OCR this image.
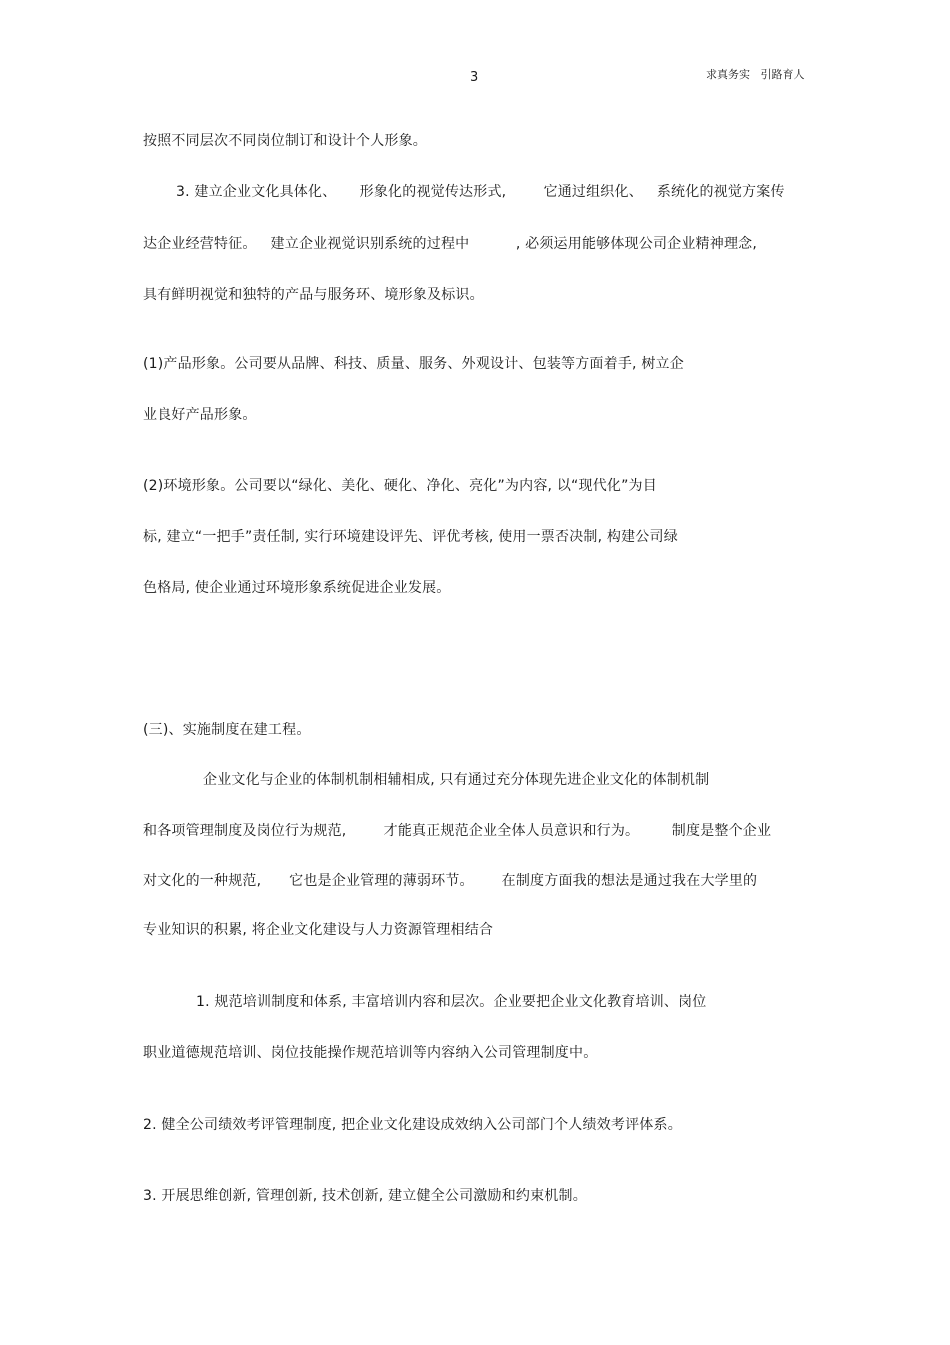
3	求真务实   引路育人
按照不同层次不同岗位制订和设计个人形象。
3. 建立企业文化具体化、     形象化的视觉传达形式,        它通过组织化、   系统化的视觉方案传
达企业经营特征。   建立企业视觉识别系统的过程中          , 必须运用能够体现公司企业精神理念,
具有鲜明视觉和独特的产品与服务环、境形象及标识。
(1)产品形象。公司要从品牌、科技、质量、服务、外观设计、包装等方面着手, 树立企
业良好产品形象。
(2)环境形象。公司要以“绿化、美化、硬化、净化、亮化”为内容, 以“现代化”为目
标, 建立“一把手”责任制, 实行环境建设评先、评优考核, 使用一票否决制, 构建公司绿
色格局, 使企业通过环境形象系统促进企业发展。
(三)、实施制度在建工程。
企业文化与企业的体制机制相辅相成, 只有通过充分体现先进企业文化的体制机制
和各项管理制度及岗位行为规范,        才能真正规范企业全体人员意识和行为。       制度是整个企业
对文化的一种规范,      它也是企业管理的薄弱环节。      在制度方面我的想法是通过我在大学里的
专业知识的积累, 将企业文化建设与人力资源管理相结合
1. 规范培训制度和体系, 丰富培训内容和层次。企业要把企业文化教育培训、岗位
职业道德规范培训、岗位技能操作规范培训等内容纳入公司管理制度中。
2. 健全公司绩效考评管理制度, 把企业文化建设成效纳入公司部门个人绩效考评体系。
3. 开展思维创新, 管理创新, 技术创新, 建立健全公司激励和约束机制。
